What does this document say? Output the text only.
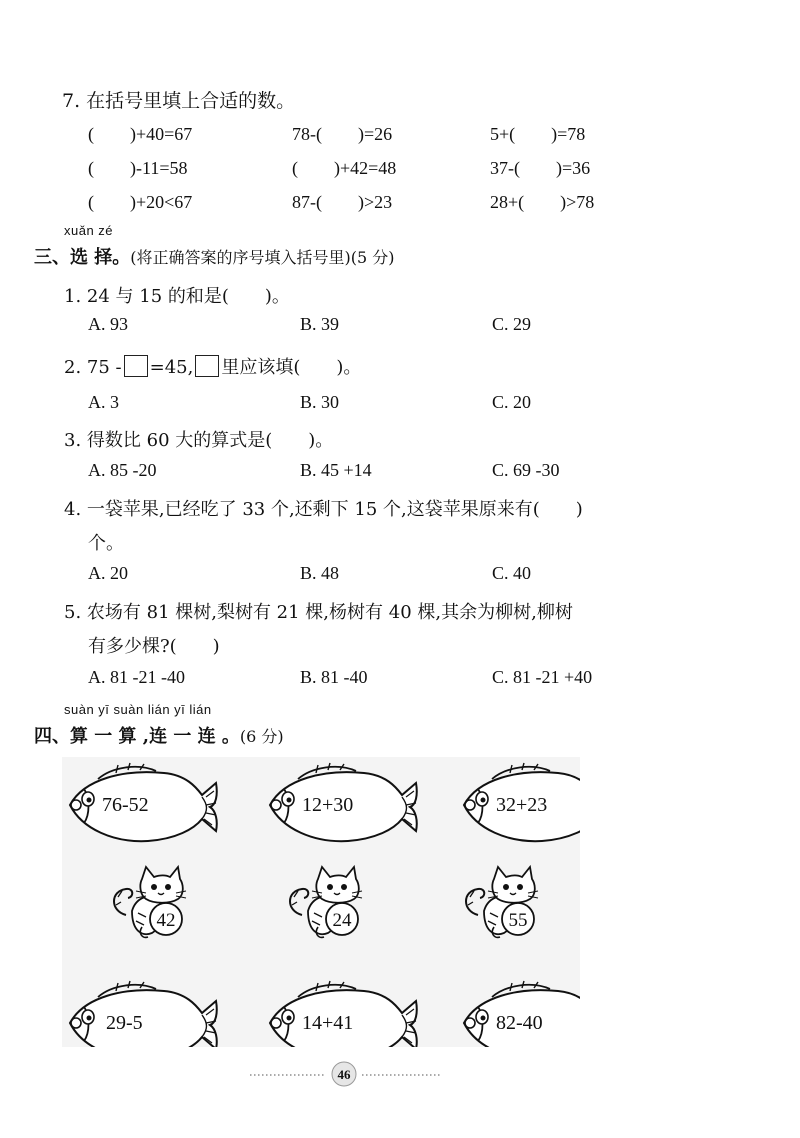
7. 在括号里填上合适的数。
(　　)+40=67	78-(　　)=26	5+(　　)=78
(　　)-11=58	(　　)+42=48	37-(　　)=36
(　　)+20<67	87-(　　)>23	28+(　　)>78
xuǎn zé
三、选 择。(将正确答案的序号填入括号里)(5 分)
1. 24 与 15 的和是(　　)。
A. 93	B. 39	C. 29
2. 75 - =45, 里应该填(　　)。
A. 3	B. 30	C. 20
3. 得数比 60 大的算式是(　　)。
A. 85 -20	B. 45 +14	C. 69 -30
4. 一袋苹果,已经吃了 33 个,还剩下 15 个,这袋苹果原来有(　　)
个。
A. 20	B. 48	C. 40
5. 农场有 81 棵树,梨树有 21 棵,杨树有 40 棵,其余为柳树,柳树
有多少棵?(　　)
A. 81 -21 -40	B. 81 -40	C. 81 -21 +40
suàn yī suàn lián yī lián
四、算 一 算 ,连 一 连 。(6 分)
76-52	12+30	32+23
42	24	55
29-5	14+41	82-40
46
